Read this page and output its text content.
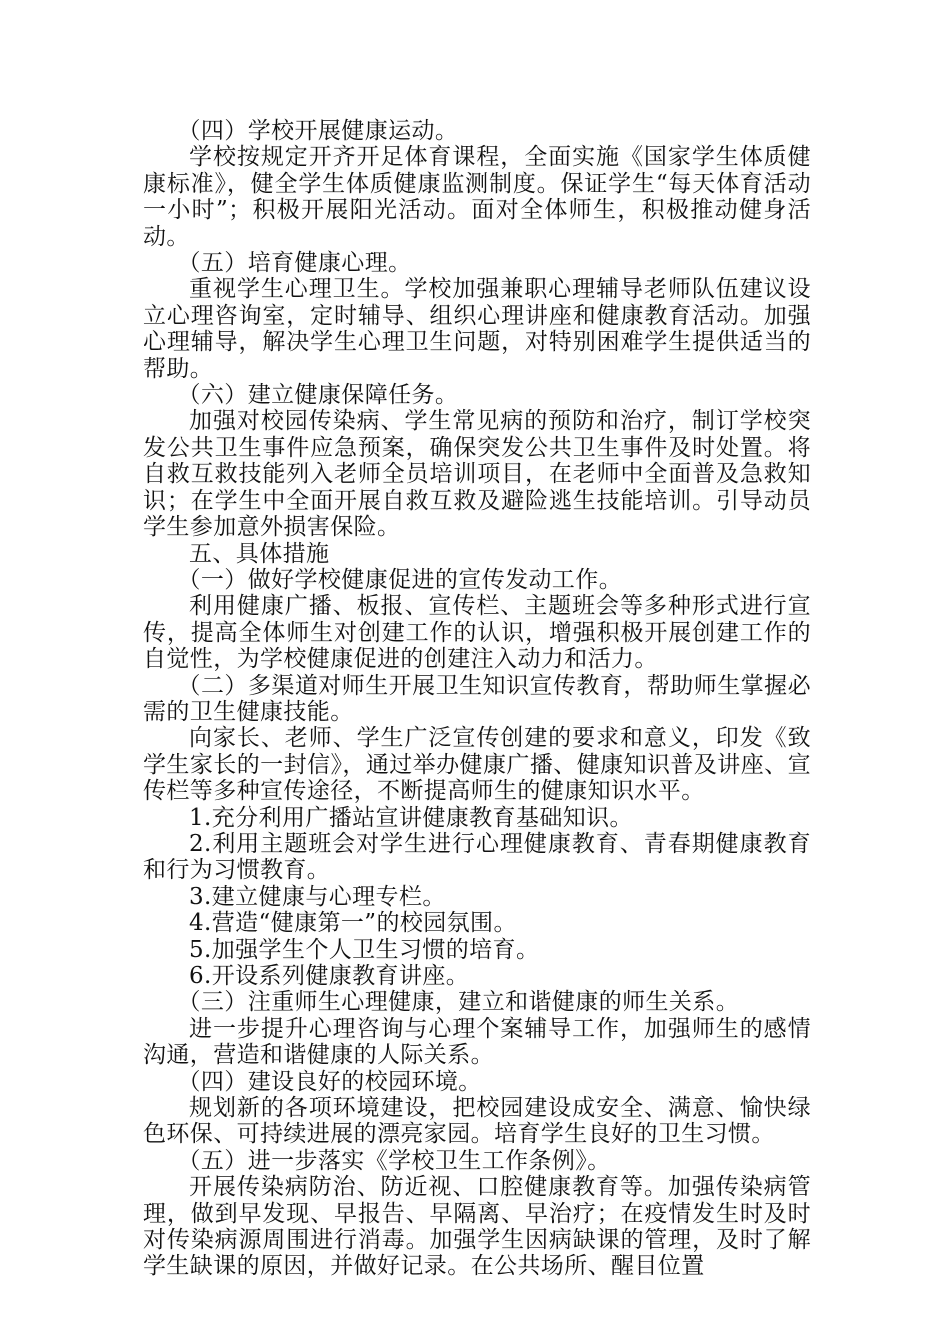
（四）学校开展健康运动。

学校按规定开齐开足体育课程，全面实施《国家学生体质健康标准》，健全学生体质健康监测制度。保证学生“每天体育活动一小时”；积极开展阳光活动。面对全体师生，积极推动健身活动。

（五）培育健康心理。

重视学生心理卫生。学校加强兼职心理辅导老师队伍建议设立心理咨询室，定时辅导、组织心理讲座和健康教育活动。加强心理辅导，解决学生心理卫生问题，对特别困难学生提供适当的帮助。

（六）建立健康保障任务。

加强对校园传染病、学生常见病的预防和治疗，制订学校突发公共卫生事件应急预案，确保突发公共卫生事件及时处置。将自救互救技能列入老师全员培训项目，在老师中全面普及急救知识；在学生中全面开展自救互救及避险逃生技能培训。引导动员学生参加意外损害保险。

五、具体措施

（一）做好学校健康促进的宣传发动工作。

利用健康广播、板报、宣传栏、主题班会等多种形式进行宣传，提高全体师生对创建工作的认识，增强积极开展创建工作的自觉性，为学校健康促进的创建注入动力和活力。

（二）多渠道对师生开展卫生知识宣传教育，帮助师生掌握必需的卫生健康技能。

向家长、老师、学生广泛宣传创建的要求和意义，印发《致学生家长的一封信》，通过举办健康广播、健康知识普及讲座、宣传栏等多种宣传途径，不断提高师生的健康知识水平。

1.充分利用广播站宣讲健康教育基础知识。

2.利用主题班会对学生进行心理健康教育、青春期健康教育和行为习惯教育。

3.建立健康与心理专栏。

4.营造“健康第一”的校园氛围。

5.加强学生个人卫生习惯的培育。

6.开设系列健康教育讲座。

（三）注重师生心理健康，建立和谐健康的师生关系。

进一步提升心理咨询与心理个案辅导工作，加强师生的感情沟通，营造和谐健康的人际关系。

（四）建设良好的校园环境。

规划新的各项环境建设，把校园建设成安全、满意、愉快绿色环保、可持续进展的漂亮家园。培育学生良好的卫生习惯。

（五）进一步落实《学校卫生工作条例》。

开展传染病防治、防近视、口腔健康教育等。加强传染病管理，做到早发现、早报告、早隔离、早治疗；在疫情发生时及时对传染病源周围进行消毒。加强学生因病缺课的管理，及时了解学生缺课的原因，并做好记录。在公共场所、醒目位置
